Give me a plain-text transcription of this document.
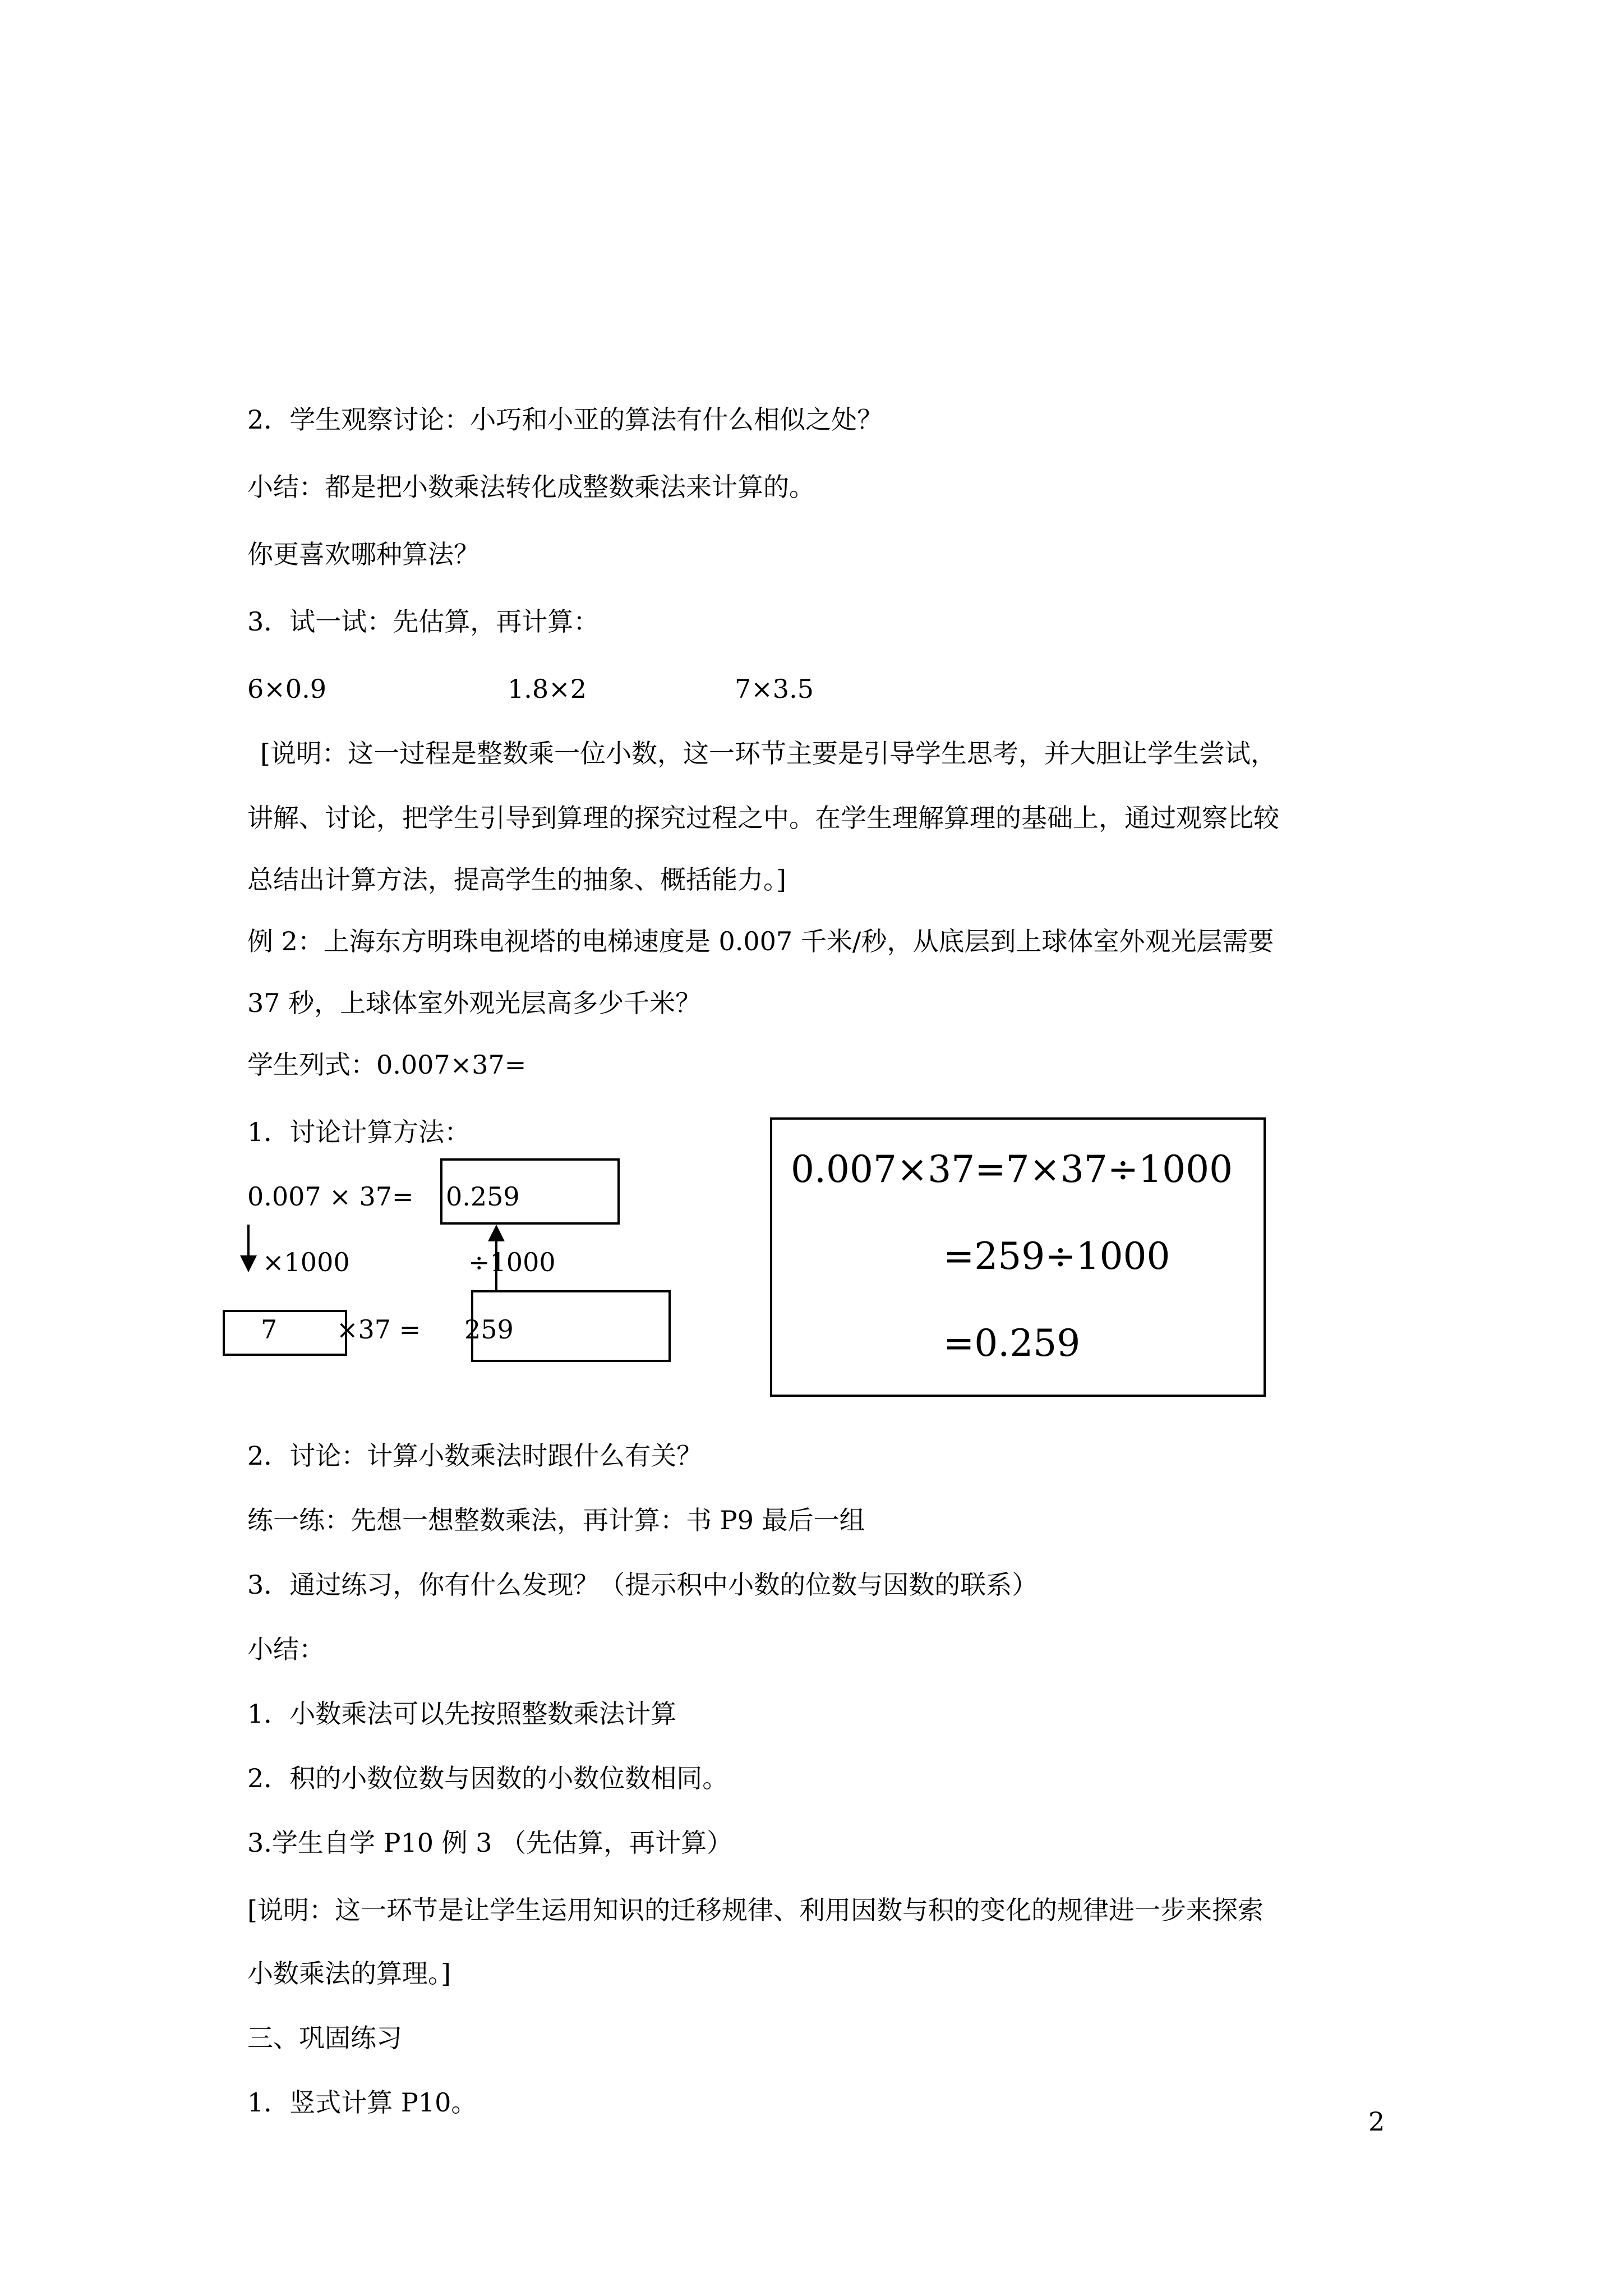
2．学生观察讨论：小巧和小亚的算法有什么相似之处？
小结：都是把小数乘法转化成整数乘法来计算的。
你更喜欢哪种算法？
3．试一试：先估算，再计算：
6×0.9	1.8×2	7×3.5
[说明：这一过程是整数乘一位小数，这一环节主要是引导学生思考，并大胆让学生尝试，
讲解、讨论，把学生引导到算理的探究过程之中。在学生理解算理的基础上，通过观察比较
总结出计算方法，提高学生的抽象、概括能力。]
例 2：上海东方明珠电视塔的电梯速度是 0.007 千米/秒，从底层到上球体室外观光层需要
37 秒，上球体室外观光层高多少千米？
学生列式：0.007×37=
1．讨论计算方法：
0.007 × 37= 0.259
×1000	÷1000
7 ×37 = 259
0.007×37=7×37÷1000
=259÷1000
=0.259
2．讨论：计算小数乘法时跟什么有关？
练一练：先想一想整数乘法，再计算：书 P9 最后一组
3．通过练习，你有什么发现？（提示积中小数的位数与因数的联系）
小结：
1．小数乘法可以先按照整数乘法计算
2．积的小数位数与因数的小数位数相同。
3.学生自学 P10 例 3 （先估算，再计算）
[说明：这一环节是让学生运用知识的迁移规律、利用因数与积的变化的规律进一步来探索
小数乘法的算理。]
三、巩固练习
1．竖式计算 P10。
2
